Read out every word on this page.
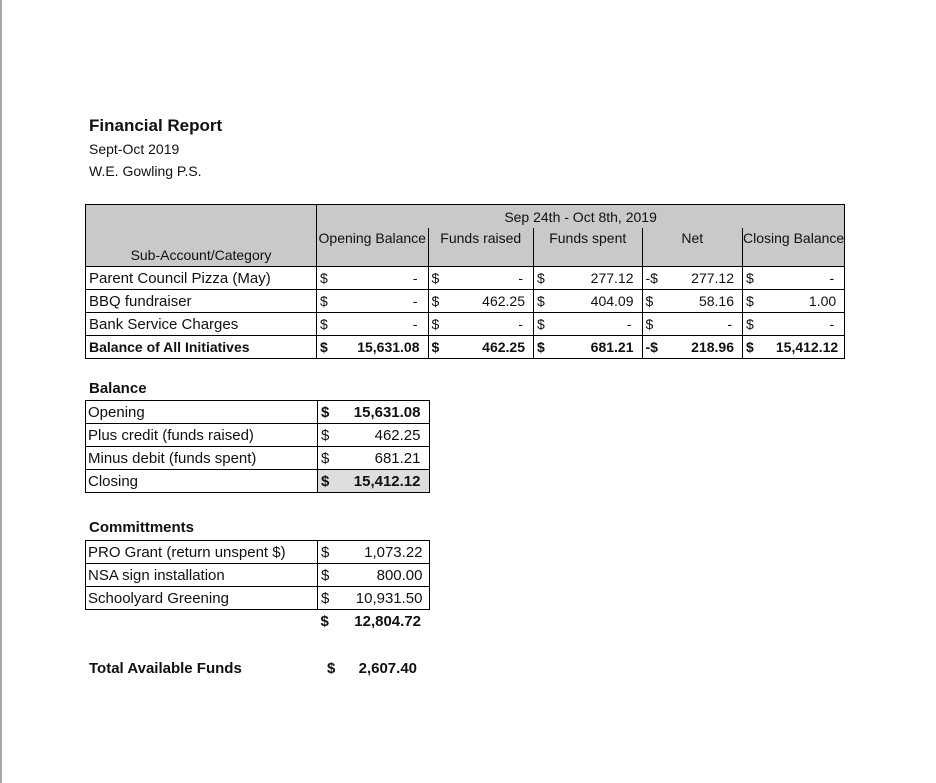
Financial Report
Sept-Oct 2019
W.E. Gowling P.S.
Sub-Account/Category	Sep 24th - Oct 8th, 2019									
	Opening Balance		Funds raised		Funds spent		Net		Closing Balance	
Parent Council Pizza (May)	$	-	$	-	$	277.12	-$	277.12	$	-
BBQ fundraiser	$	-	$	462.25	$	404.09	$	58.16	$	1.00
Bank Service Charges	$	-	$	-	$	-	$	-	$	-
Balance of All Initiatives	$	15,631.08	$	462.25	$	681.21	-$	218.96	$	15,412.12
Balance
Opening	$	15,631.08
Plus credit (funds raised)	$	462.25
Minus debit (funds spent)	$	681.21
Closing	$	15,412.12
Committments
PRO Grant (return unspent $)	$	1,073.22
NSA sign installation	$	800.00
Schoolyard Greening	$	10,931.50
	$	12,804.72
Total Available Funds	$	2,607.40
